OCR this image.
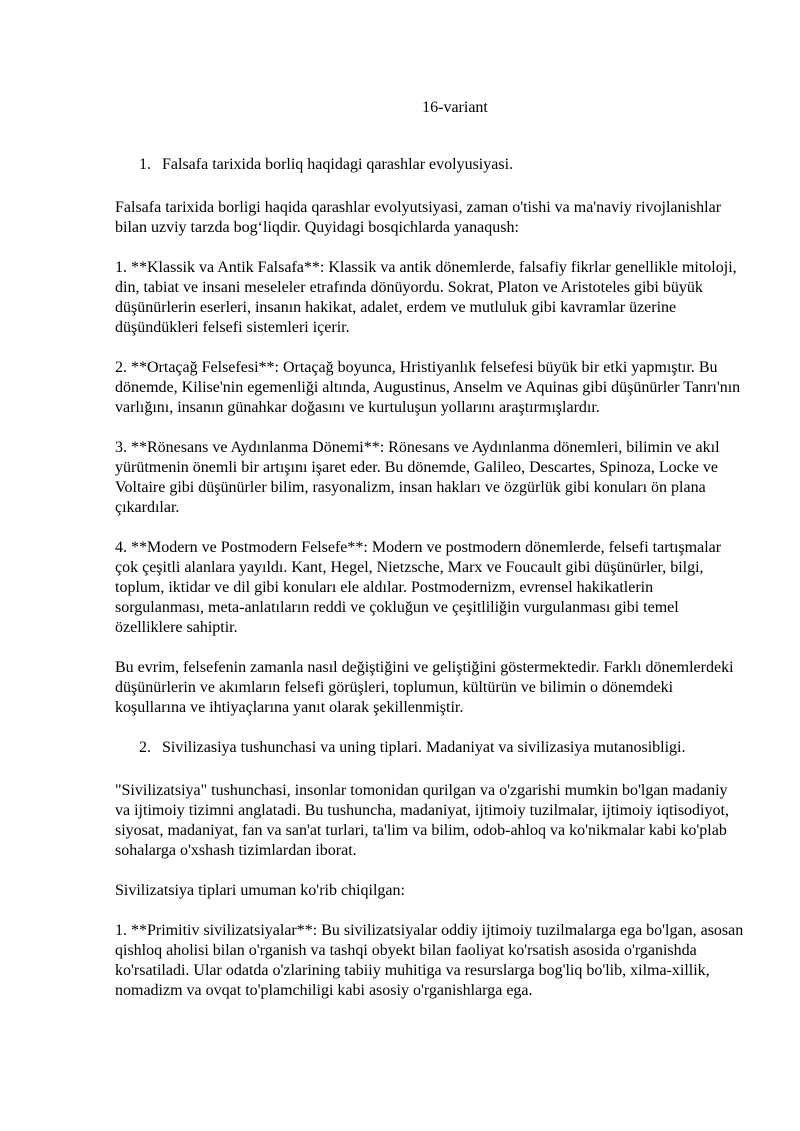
16-variant
1. Falsafa tarixida borliq haqidagi qarashlar evolyusiyasi.

Falsafa tarixida borligi haqida qarashlar evolyutsiyasi, zaman o'tishi va ma'naviy rivojlanishlar bilan uzviy tarzda bog‘liqdir. Quyidagi bosqichlarda yanaqush:

1. **Klassik va Antik Falsafa**: Klassik va antik dönemlerde, falsafiy fikrlar genellikle mitoloji, din, tabiat ve insani meseleler etrafında dönüyordu. Sokrat, Platon ve Aristoteles gibi büyük düşünürlerin eserleri, insanın hakikat, adalet, erdem ve mutluluk gibi kavramlar üzerine düşündükleri felsefi sistemleri içerir.

2. **Ortaçağ Felsefesi**: Ortaçağ boyunca, Hristiyanlık felsefesi büyük bir etki yapmıştır. Bu dönemde, Kilise'nin egemenliği altında, Augustinus, Anselm ve Aquinas gibi düşünürler Tanrı'nın varlığını, insanın günahkar doğasını ve kurtuluşun yollarını araştırmışlardır.

3. **Rönesans ve Aydınlanma Dönemi**: Rönesans ve Aydınlanma dönemleri, bilimin ve akıl yürütmenin önemli bir artışını işaret eder. Bu dönemde, Galileo, Descartes, Spinoza, Locke ve Voltaire gibi düşünürler bilim, rasyonalizm, insan hakları ve özgürlük gibi konuları ön plana çıkardılar.

4. **Modern ve Postmodern Felsefe**: Modern ve postmodern dönemlerde, felsefi tartışmalar çok çeşitli alanlara yayıldı. Kant, Hegel, Nietzsche, Marx ve Foucault gibi düşünürler, bilgi, toplum, iktidar ve dil gibi konuları ele aldılar. Postmodernizm, evrensel hakikatlerin sorgulanması, meta-anlatıların reddi ve çokluğun ve çeşitliliğin vurgulanması gibi temel özelliklere sahiptir.

Bu evrim, felsefenin zamanla nasıl değiştiğini ve geliştiğini göstermektedir. Farklı dönemlerdeki düşünürlerin ve akımların felsefi görüşleri, toplumun, kültürün ve bilimin o dönemdeki koşullarına ve ihtiyaçlarına yanıt olarak şekillenmiştir.

2. Sivilizasiya tushunchasi va uning tiplari. Madaniyat va sivilizasiya mutanosibligi.

"Sivilizatsiya" tushunchasi, insonlar tomonidan qurilgan va o'zgarishi mumkin bo'lgan madaniy va ijtimoiy tizimni anglatadi. Bu tushuncha, madaniyat, ijtimoiy tuzilmalar, ijtimoiy iqtisodiyot, siyosat, madaniyat, fan va san'at turlari, ta'lim va bilim, odob-ahloq va ko'nikmalar kabi ko'plab sohalarga o'xshash tizimlardan iborat.

Sivilizatsiya tiplari umuman ko'rib chiqilgan:

1. **Primitiv sivilizatsiyalar**: Bu sivilizatsiyalar oddiy ijtimoiy tuzilmalarga ega bo'lgan, asosan qishloq aholisi bilan o'rganish va tashqi obyekt bilan faoliyat ko'rsatish asosida o'rganishda ko'rsatiladi. Ular odatda o'zlarining tabiiy muhitiga va resurslarga bog'liq bo'lib, xilma-xillik, nomadizm va ovqat to'plamchiligi kabi asosiy o'rganishlarga ega.
